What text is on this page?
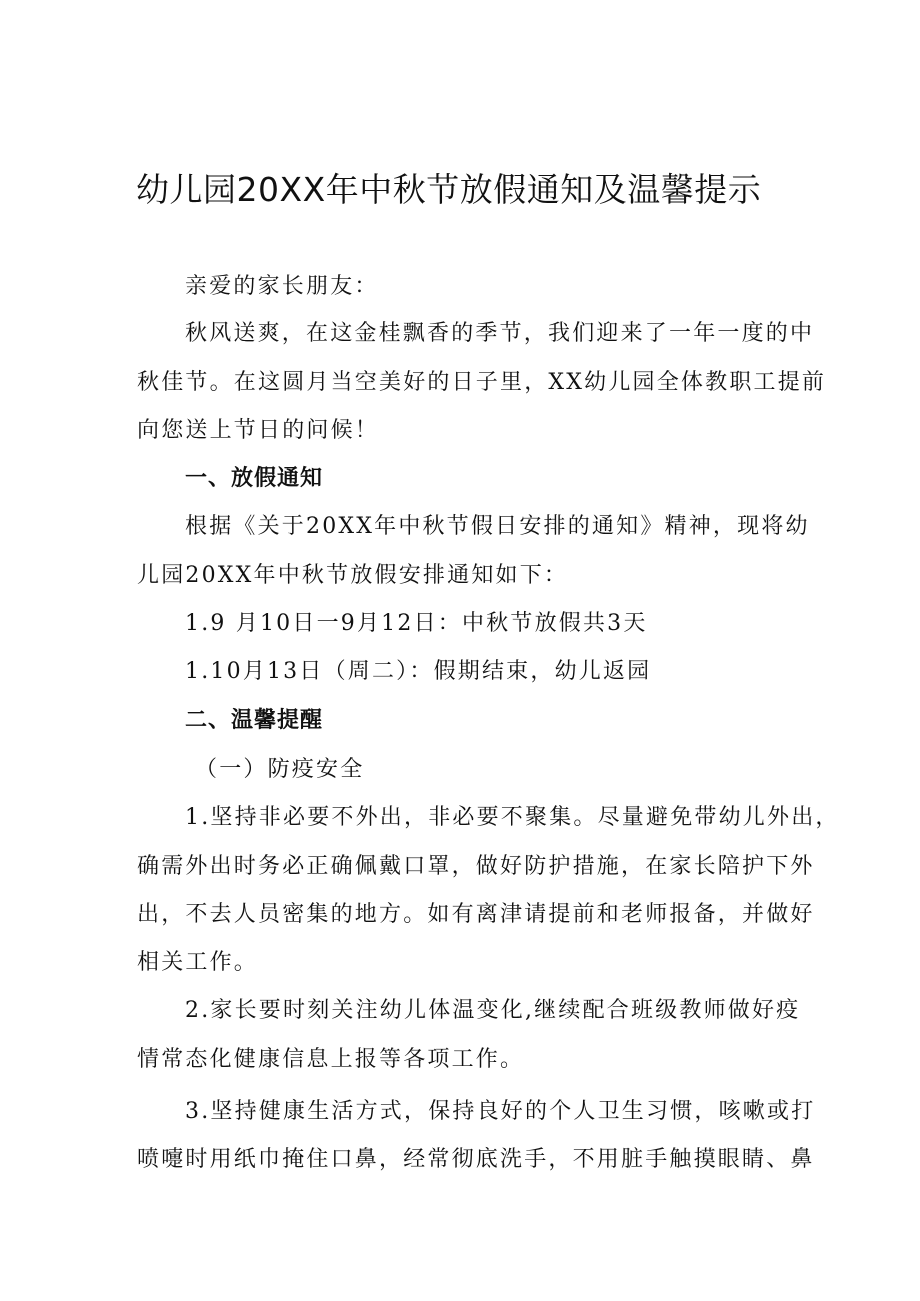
幼儿园20XX年中秋节放假通知及温馨提示
亲爱的家长朋友：
秋风送爽，在这金桂飘香的季节，我们迎来了一年一度的中
秋佳节。在这圆月当空美好的日子里，XX幼儿园全体教职工提前
向您送上节日的问候！
一、放假通知
根据《关于20XX年中秋节假日安排的通知》精神，现将幼
儿园20XX年中秋节放假安排通知如下：
1.9 月10日一9月12日：中秋节放假共3天
1.10月13日（周二）：假期结束，幼儿返园
二、温馨提醒
（一）防疫安全
1.坚持非必要不外出，非必要不聚集。尽量避免带幼儿外出，
确需外出时务必正确佩戴口罩，做好防护措施，在家长陪护下外
出，不去人员密集的地方。如有离津请提前和老师报备，并做好
相关工作。
2.家长要时刻关注幼儿体温变化,继续配合班级教师做好疫
情常态化健康信息上报等各项工作。
3.坚持健康生活方式，保持良好的个人卫生习惯，咳嗽或打
喷嚏时用纸巾掩住口鼻，经常彻底洗手，不用脏手触摸眼睛、鼻
